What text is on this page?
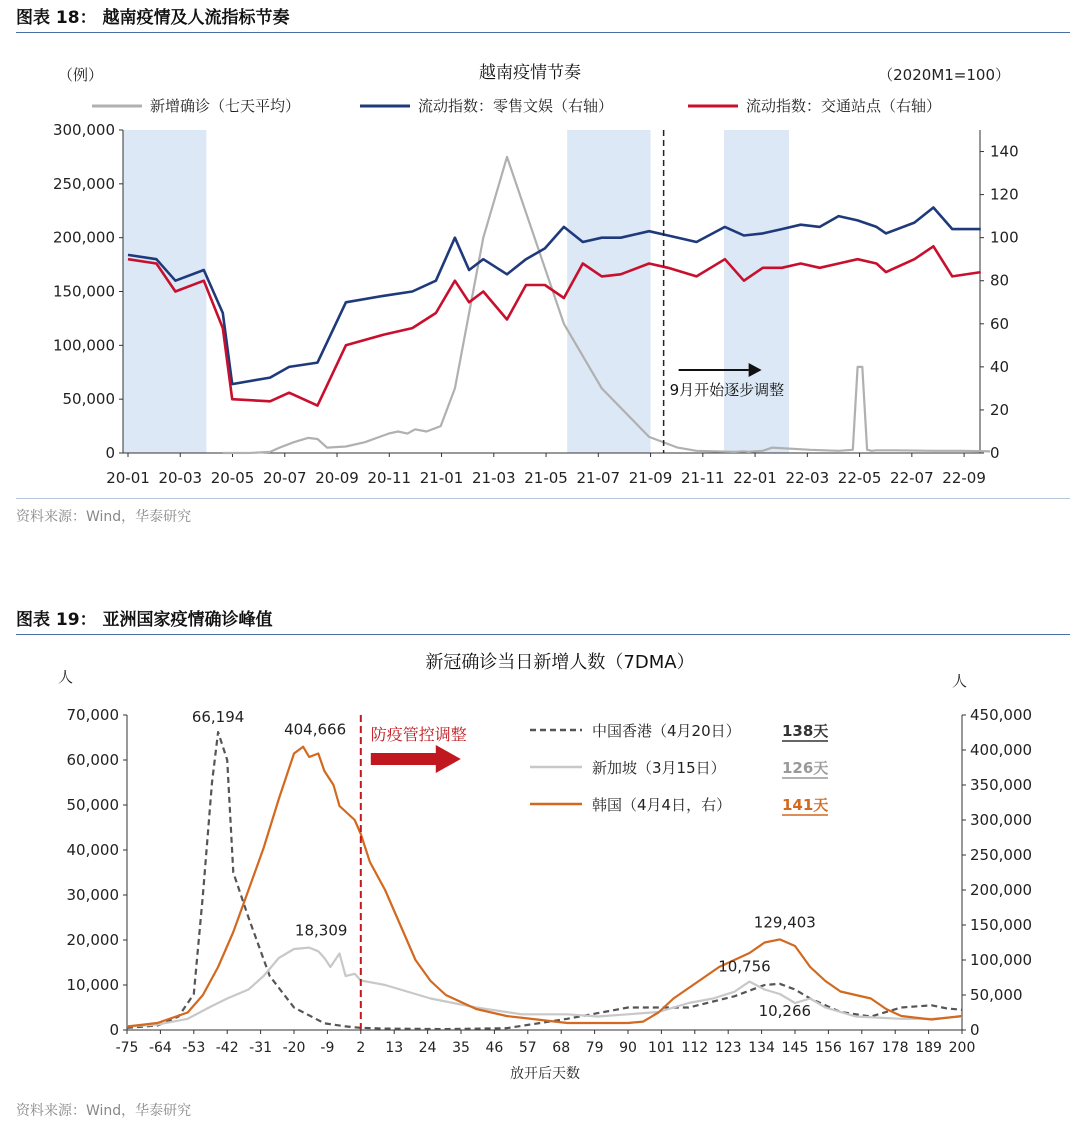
图表 18： 越南疫情及人流指标节奏
0
50,000
100,000
150,000
200,000
250,000
300,000
0
20
40
60
80
100
120
140
20-01 20-03 20-05 20-07 20-09 20-11 21-01 21-03 21-05 21-07 21-09 21-11 22-01 22-03 22-05 22-07 22-09
越南疫情节奏
（例）	（2020M1=100）
新增确诊（七天平均）	流动指数：零售文娱（右轴）	流动指数：交通站点（右轴）
9月开始逐步调整
资料来源：Wind，华泰研究
图表 19： 亚洲国家疫情确诊峰值
新冠确诊当日新增人数（7DMA）
人	人
0
10,000
20,000
30,000
40,000
50,000
60,000
70,000
0
50,000
100,000
150,000
200,000
250,000
300,000
350,000
400,000
450,000
-75 -64 -53 -42 -31 -20 -9 2 13 24 35 46 57 68 79 90 101 112 123 134 145 156 167 178 189 200
放开后天数
防疫管控调整	中国香港（4月20日）	138天
新加坡（3月15日）	126天
韩国（4月4日，右）	141天
66,194
404,666
18,309	129,403
10,756
10,266
资料来源：Wind，华泰研究
